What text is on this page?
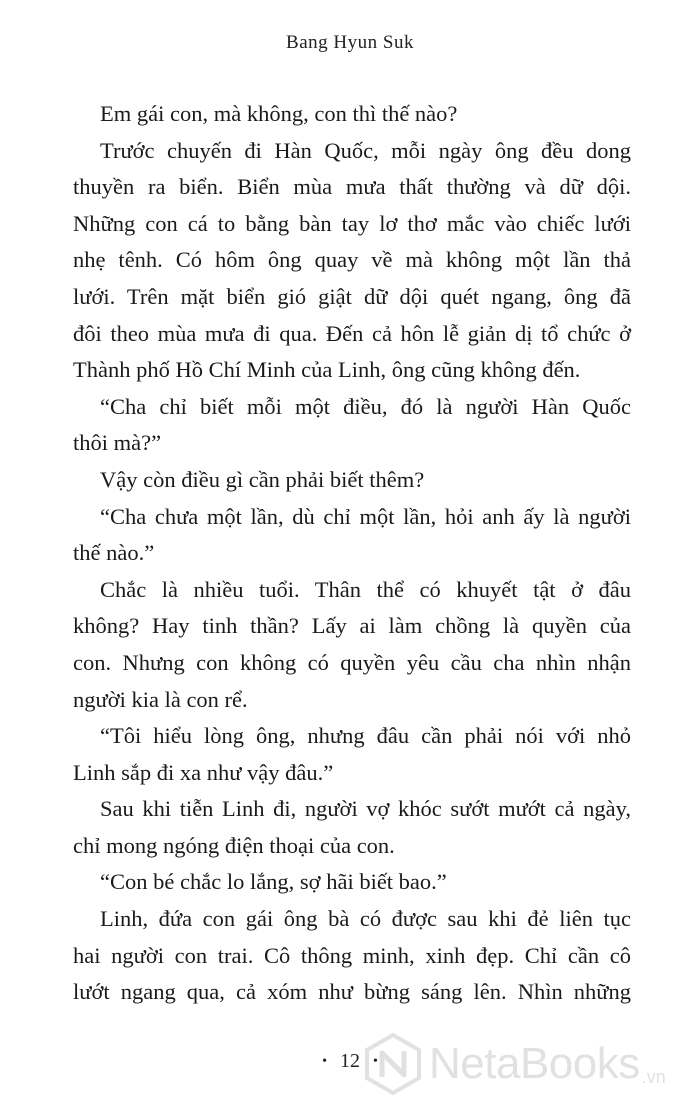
Bang Hyun Suk
Em gái con, mà không, con thì thế nào?
Trước chuyến đi Hàn Quốc, mỗi ngày ông đều dong
thuyền ra biển. Biển mùa mưa thất thường và dữ dội.
Những con cá to bằng bàn tay lơ thơ mắc vào chiếc lưới
nhẹ tênh. Có hôm ông quay về mà không một lần thả
lưới. Trên mặt biển gió giật dữ dội quét ngang, ông đã
đôi theo mùa mưa đi qua. Đến cả hôn lễ giản dị tổ chức ở
Thành phố Hồ Chí Minh của Linh, ông cũng không đến.
“Cha chỉ biết mỗi một điều, đó là người Hàn Quốc
thôi mà?”
Vậy còn điều gì cần phải biết thêm?
“Cha chưa một lần, dù chỉ một lần, hỏi anh ấy là người
thế nào.”
Chắc là nhiều tuổi. Thân thể có khuyết tật ở đâu
không? Hay tinh thần? Lấy ai làm chồng là quyền của
con. Nhưng con không có quyền yêu cầu cha nhìn nhận
người kia là con rể.
“Tôi hiểu lòng ông, nhưng đâu cần phải nói với nhỏ
Linh sắp đi xa như vậy đâu.”
Sau khi tiễn Linh đi, người vợ khóc sướt mướt cả ngày,
chỉ mong ngóng điện thoại của con.
“Con bé chắc lo lắng, sợ hãi biết bao.”
Linh, đứa con gái ông bà có được sau khi đẻ liên tục
hai người con trai. Cô thông minh, xinh đẹp. Chỉ cần cô
lướt ngang qua, cả xóm như bừng sáng lên. Nhìn những
• 12 •	NetaBooks .vn
